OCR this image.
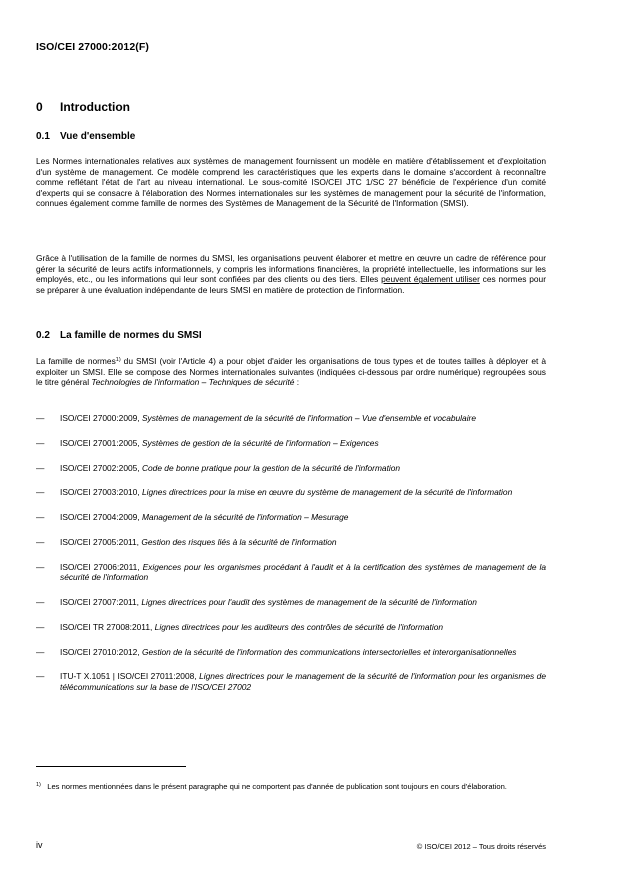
ISO/CEI 27000:2012(F)
0 Introduction
0.1 Vue d'ensemble
Les Normes internationales relatives aux systèmes de management fournissent un modèle en matière d'établissement et d'exploitation d'un système de management. Ce modèle comprend les caractéristiques que les experts dans le domaine s'accordent à reconnaître comme reflétant l'état de l'art au niveau international. Le sous-comité ISO/CEI JTC 1/SC 27 bénéficie de l'expérience d'un comité d'experts qui se consacre à l'élaboration des Normes internationales sur les systèmes de management pour la sécurité de l'information, connues également comme famille de normes des Systèmes de Management de la Sécurité de l'Information (SMSI).
Grâce à l'utilisation de la famille de normes du SMSI, les organisations peuvent élaborer et mettre en œuvre un cadre de référence pour gérer la sécurité de leurs actifs informationnels, y compris les informations financières, la propriété intellectuelle, les informations sur les employés, etc., ou les informations qui leur sont confiées par des clients ou des tiers. Elles peuvent également utiliser ces normes pour se préparer à une évaluation indépendante de leurs SMSI en matière de protection de l'information.
0.2 La famille de normes du SMSI
La famille de normes$^{1)}$ du SMSI (voir l'Article 4) a pour objet d'aider les organisations de tous types et de toutes tailles à déployer et à exploiter un SMSI. Elle se compose des Normes internationales suivantes (indiquées ci-dessous par ordre numérique) regroupées sous le titre général Technologies de l'information – Techniques de sécurité :
— ISO/CEI 27000:2009, Systèmes de management de la sécurité de l'information – Vue d'ensemble et vocabulaire
— ISO/CEI 27001:2005, Systèmes de gestion de la sécurité de l'information – Exigences
— ISO/CEI 27002:2005, Code de bonne pratique pour la gestion de la sécurité de l'information
— ISO/CEI 27003:2010, Lignes directrices pour la mise en œuvre du système de management de la sécurité de l'information
— ISO/CEI 27004:2009, Management de la sécurité de l'information – Mesurage
— ISO/CEI 27005:2011, Gestion des risques liés à la sécurité de l'information
— ISO/CEI 27006:2011, Exigences pour les organismes procédant à l'audit et à la certification des systèmes de management de la sécurité de l'information
— ISO/CEI 27007:2011, Lignes directrices pour l'audit des systèmes de management de la sécurité de l'information
— ISO/CEI TR 27008:2011, Lignes directrices pour les auditeurs des contrôles de sécurité de l'information
— ISO/CEI 27010:2012, Gestion de la sécurité de l'information des communications intersectorielles et interorganisationnelles
— ITU-T X.1051 | ISO/CEI 27011:2008, Lignes directrices pour le management de la sécurité de l'information pour les organismes de télécommunications sur la base de l'ISO/CEI 27002
$^{1)}$ Les normes mentionnées dans le présent paragraphe qui ne comportent pas d'année de publication sont toujours en cours d'élaboration.
iv	© ISO/CEI 2012 – Tous droits réservés
